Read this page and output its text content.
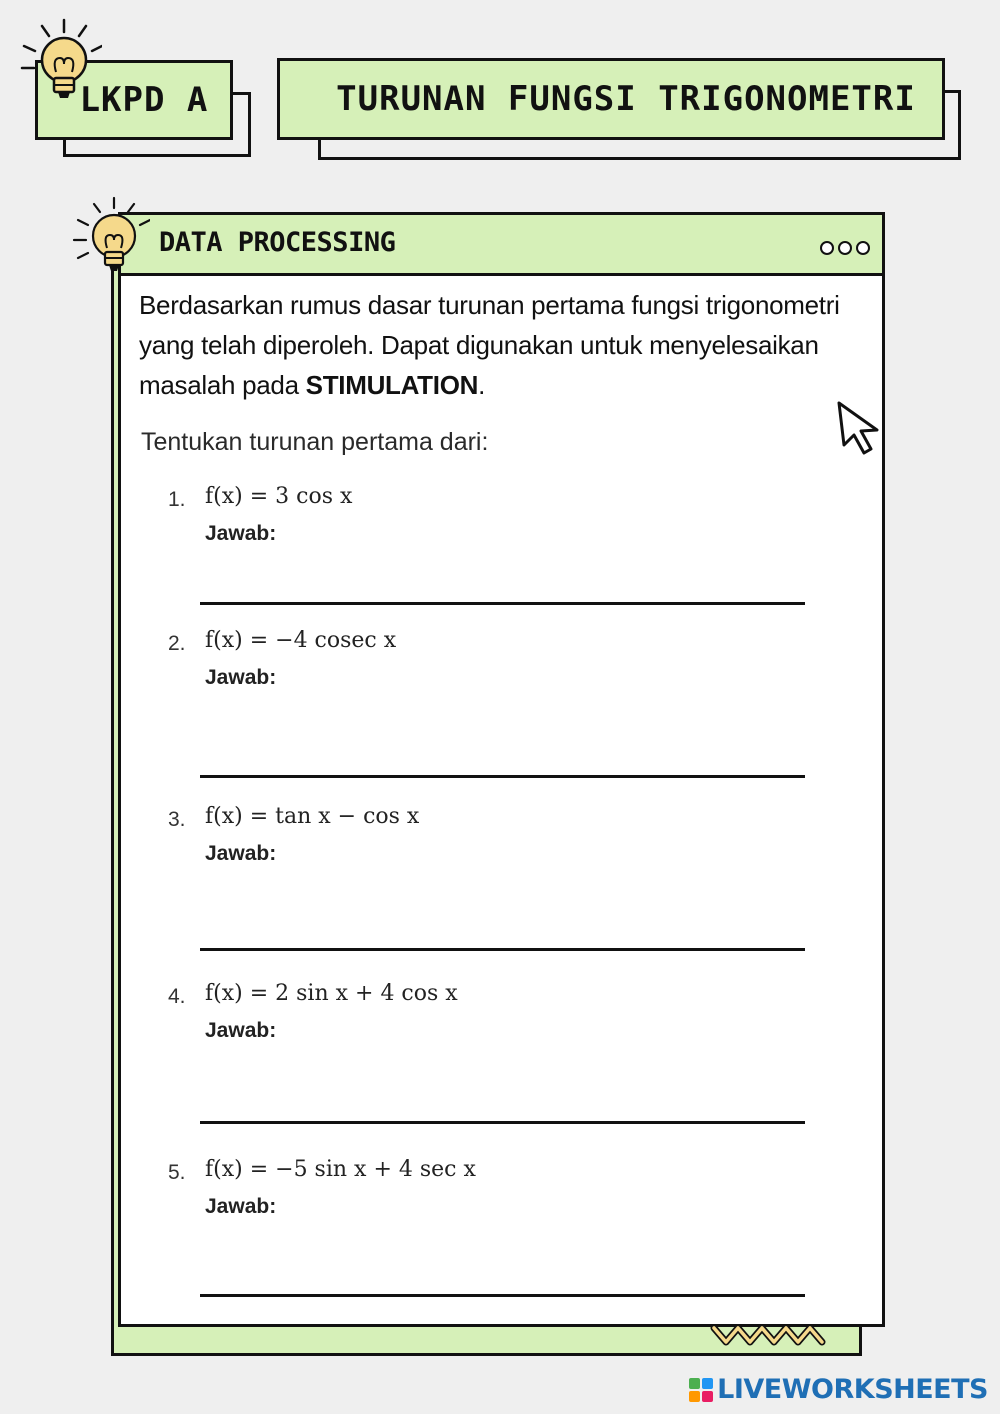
LKPD A	TURUNAN FUNGSI TRIGONOMETRI
DATA PROCESSING
Berdasarkan rumus dasar turunan pertama fungsi trigonometri yang telah diperoleh. Dapat digunakan untuk menyelesaikan masalah pada STIMULATION.
Tentukan turunan pertama dari:
1. f(x) = 3 cos x
Jawab:
2. f(x) = −4 cosec x
Jawab:
3. f(x) = tan x − cos x
Jawab:
4. f(x) = 2 sin x + 4 cos x
Jawab:
5. f(x) = −5 sin x + 4 sec x
Jawab:
LIVEWORKSHEETS
